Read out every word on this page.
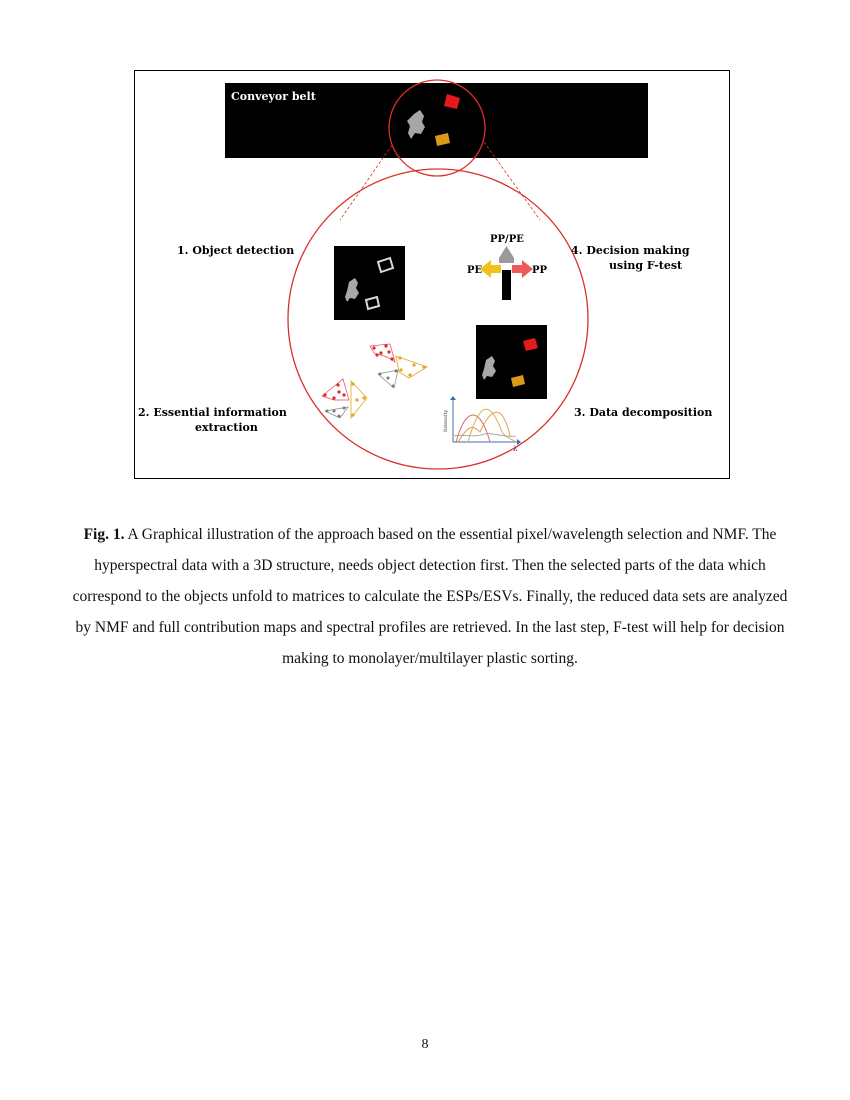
Conveyor belt
1. Object detection	4. Decision making
using F-test
PP/PE
PE	PP
2. Essential information
extraction
3. Data decomposition
Intensity
λ
Fig. 1. A Graphical illustration of the approach based on the essential pixel/wavelength selection and NMF. The hyperspectral data with a 3D structure, needs object detection first. Then the selected parts of the data which correspond to the objects unfold to matrices to calculate the ESPs/ESVs. Finally, the reduced data sets are analyzed by NMF and full contribution maps and spectral profiles are retrieved. In the last step, F-test will help for decision making to monolayer/multilayer plastic sorting.
8
